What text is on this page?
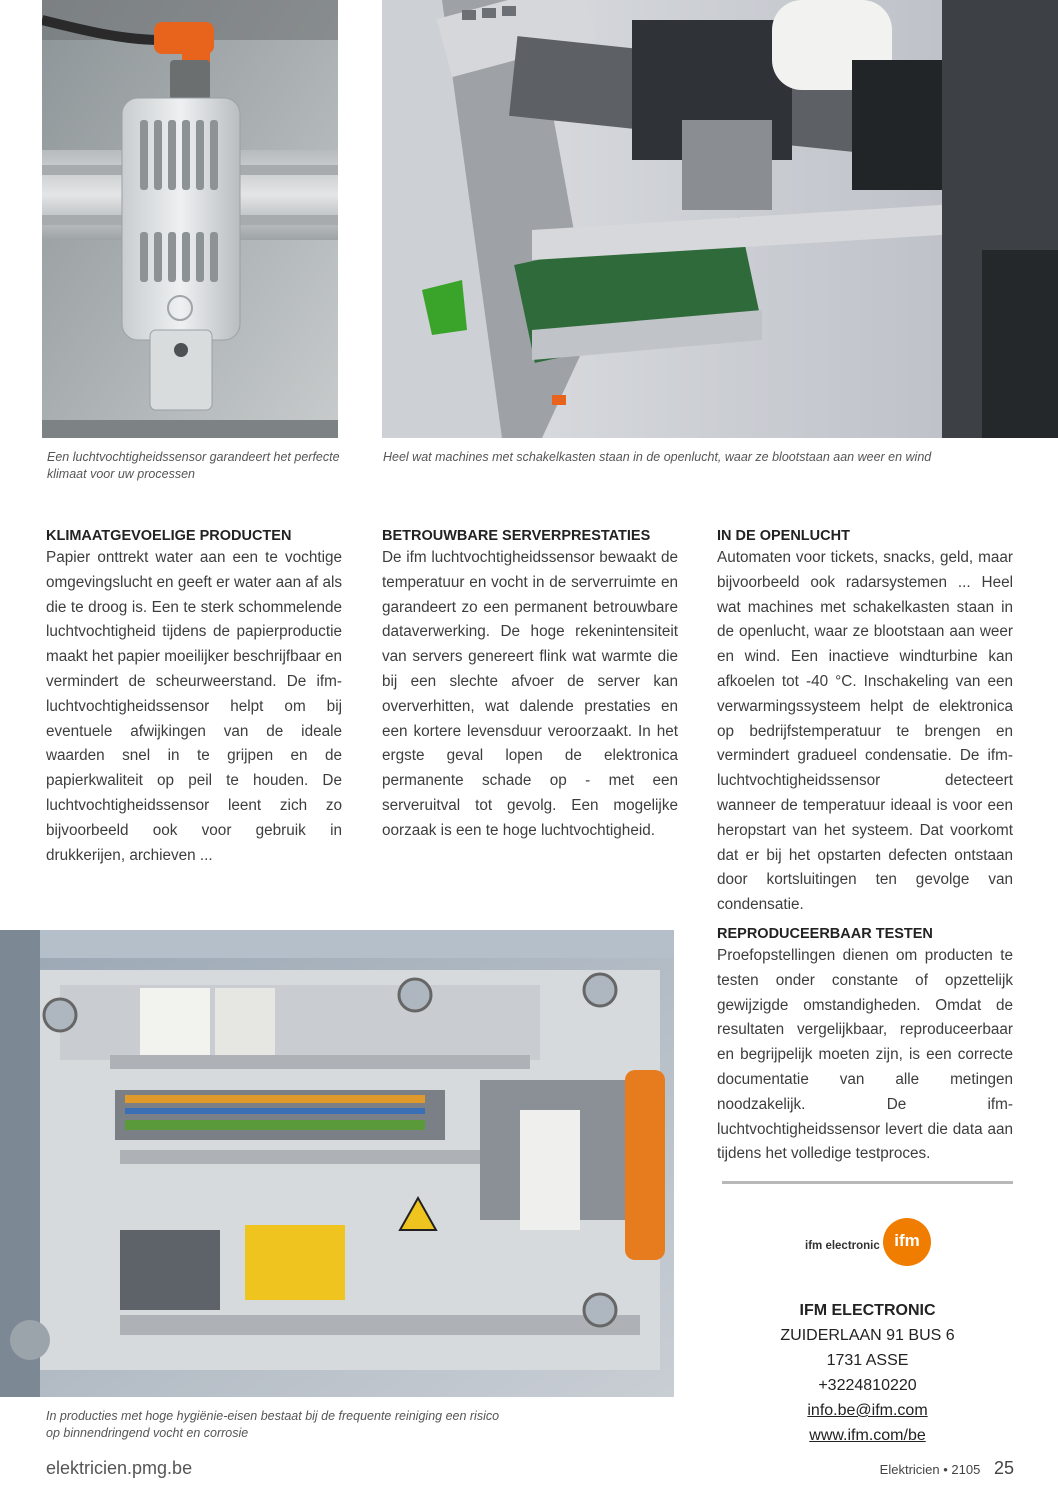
Een luchtvochtigheidssensor garandeert het perfecte klimaat voor uw processen
Heel wat machines met schakelkasten staan in de openlucht, waar ze blootstaan aan weer en wind
KLIMAATGEVOELIGE PRODUCTEN

Papier onttrekt water aan een te vochtige omgevingslucht en geeft er water aan af als die te droog is. Een te sterk schommelende luchtvochtigheid tijdens de papierproductie maakt het papier moeilijker beschrijfbaar en vermindert de scheurweerstand. De ifm-luchtvochtigheidssensor helpt om bij eventuele afwijkingen van de ideale waarden snel in te grijpen en de papierkwaliteit op peil te houden. De luchtvochtigheidssensor leent zich zo bijvoorbeeld ook voor gebruik in drukkerijen, archieven ...

BETROUWBARE SERVERPRESTATIES

De ifm luchtvochtigheidssensor bewaakt de temperatuur en vocht in de serverruimte en garandeert zo een permanent betrouwbare dataverwerking. De hoge rekenintensiteit van servers genereert flink wat warmte die bij een slechte afvoer de server kan oververhitten, wat dalende prestaties en een kortere levensduur veroorzaakt. In het ergste geval lopen de elektronica permanente schade op - met een serveruitval tot gevolg. Een mogelijke oorzaak is een te hoge luchtvochtigheid.

IN DE OPENLUCHT

Automaten voor tickets, snacks, geld, maar bijvoorbeeld ook radarsystemen ... Heel wat machines met schakelkasten staan in de openlucht, waar ze blootstaan aan weer en wind. Een inactieve windturbine kan afkoelen tot -40 °C. Inschakeling van een verwarmingssysteem helpt de elektronica op bedrijfstemperatuur te brengen en vermindert gradueel condensatie. De ifm-luchtvochtigheidssensor detecteert wanneer de temperatuur ideaal is voor een heropstart van het systeem. Dat voorkomt dat er bij het opstarten defecten ontstaan door kortsluitingen ten gevolge van condensatie.

REPRODUCEERBAAR TESTEN

Proefopstellingen dienen om producten te testen onder constante of opzettelijk gewijzigde omstandigheden. Omdat de resultaten vergelijkbaar, reproduceerbaar en begrijpelijk moeten zijn, is een correcte documentatie van alle metingen noodzakelijk. De ifm-luchtvochtigheidssensor levert die data aan tijdens het volledige testproces.

In producties met hoge hygiënie-eisen bestaat bij de frequente reiniging een risico op binnendringend vocht en corrosie
ifm electronic ifm
IFM ELECTRONIC
ZUIDERLAAN 91 BUS 6
1731 ASSE
+3224810220
info.be@ifm.com
www.ifm.com/be
elektricien.pmg.be	Elektricien • 2105 25
